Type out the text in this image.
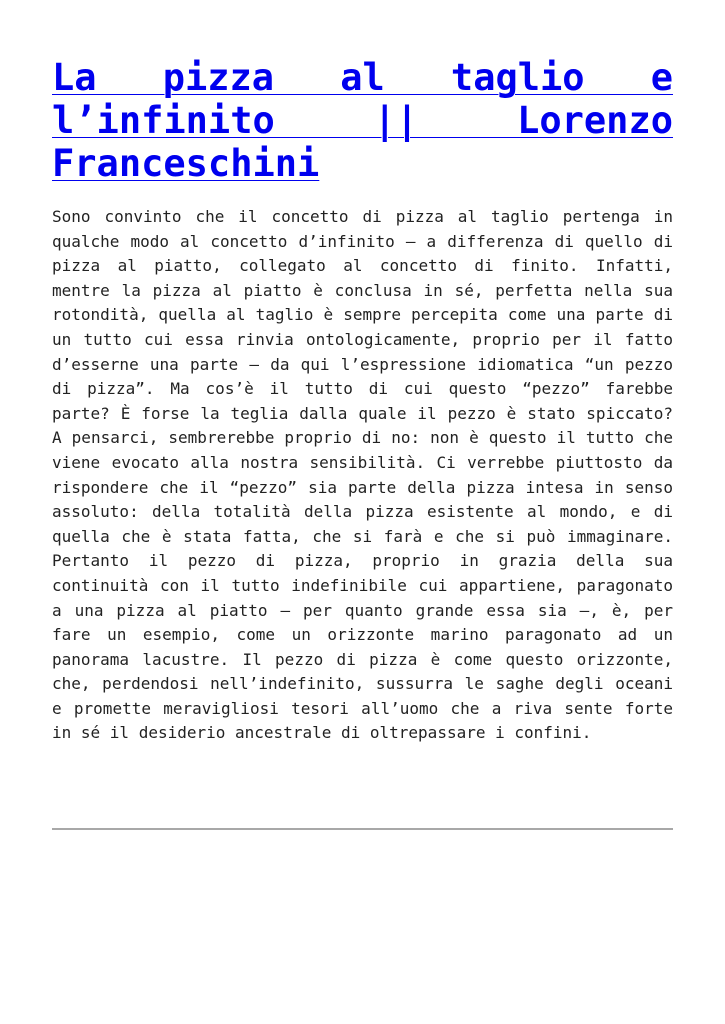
La pizza al taglio e l’infinito || Lorenzo Franceschini

Sono convinto che il concetto di pizza al taglio pertenga in qualche modo al concetto d’infinito – a differenza di quello di pizza al piatto, collegato al concetto di finito. Infatti, mentre la pizza al piatto è conclusa in sé, perfetta nella sua rotondità, quella al taglio è sempre percepita come una parte di un tutto cui essa rinvia ontologicamente, proprio per il fatto d’esserne una parte – da qui l’espressione idiomatica “un pezzo di pizza”. Ma cos’è il tutto di cui questo “pezzo” farebbe parte? È forse la teglia dalla quale il pezzo è stato spiccato? A pensarci, sembrerebbe proprio di no: non è questo il tutto che viene evocato alla nostra sensibilità. Ci verrebbe piuttosto da rispondere che il “pezzo” sia parte della pizza intesa in senso assoluto: della totalità della pizza esistente al mondo, e di quella che è stata fatta, che si farà e che si può immaginare. Pertanto il pezzo di pizza, proprio in grazia della sua continuità con il tutto indefinibile cui appartiene, paragonato a una pizza al piatto – per quanto grande essa sia –, è, per fare un esempio, come un orizzonte marino paragonato ad un panorama lacustre. Il pezzo di pizza è come questo orizzonte, che, perdendosi nell’indefinito, sussurra le saghe degli oceani e promette meravigliosi tesori all’uomo che a riva sente forte in sé il desiderio ancestrale di oltrepassare i confini.
